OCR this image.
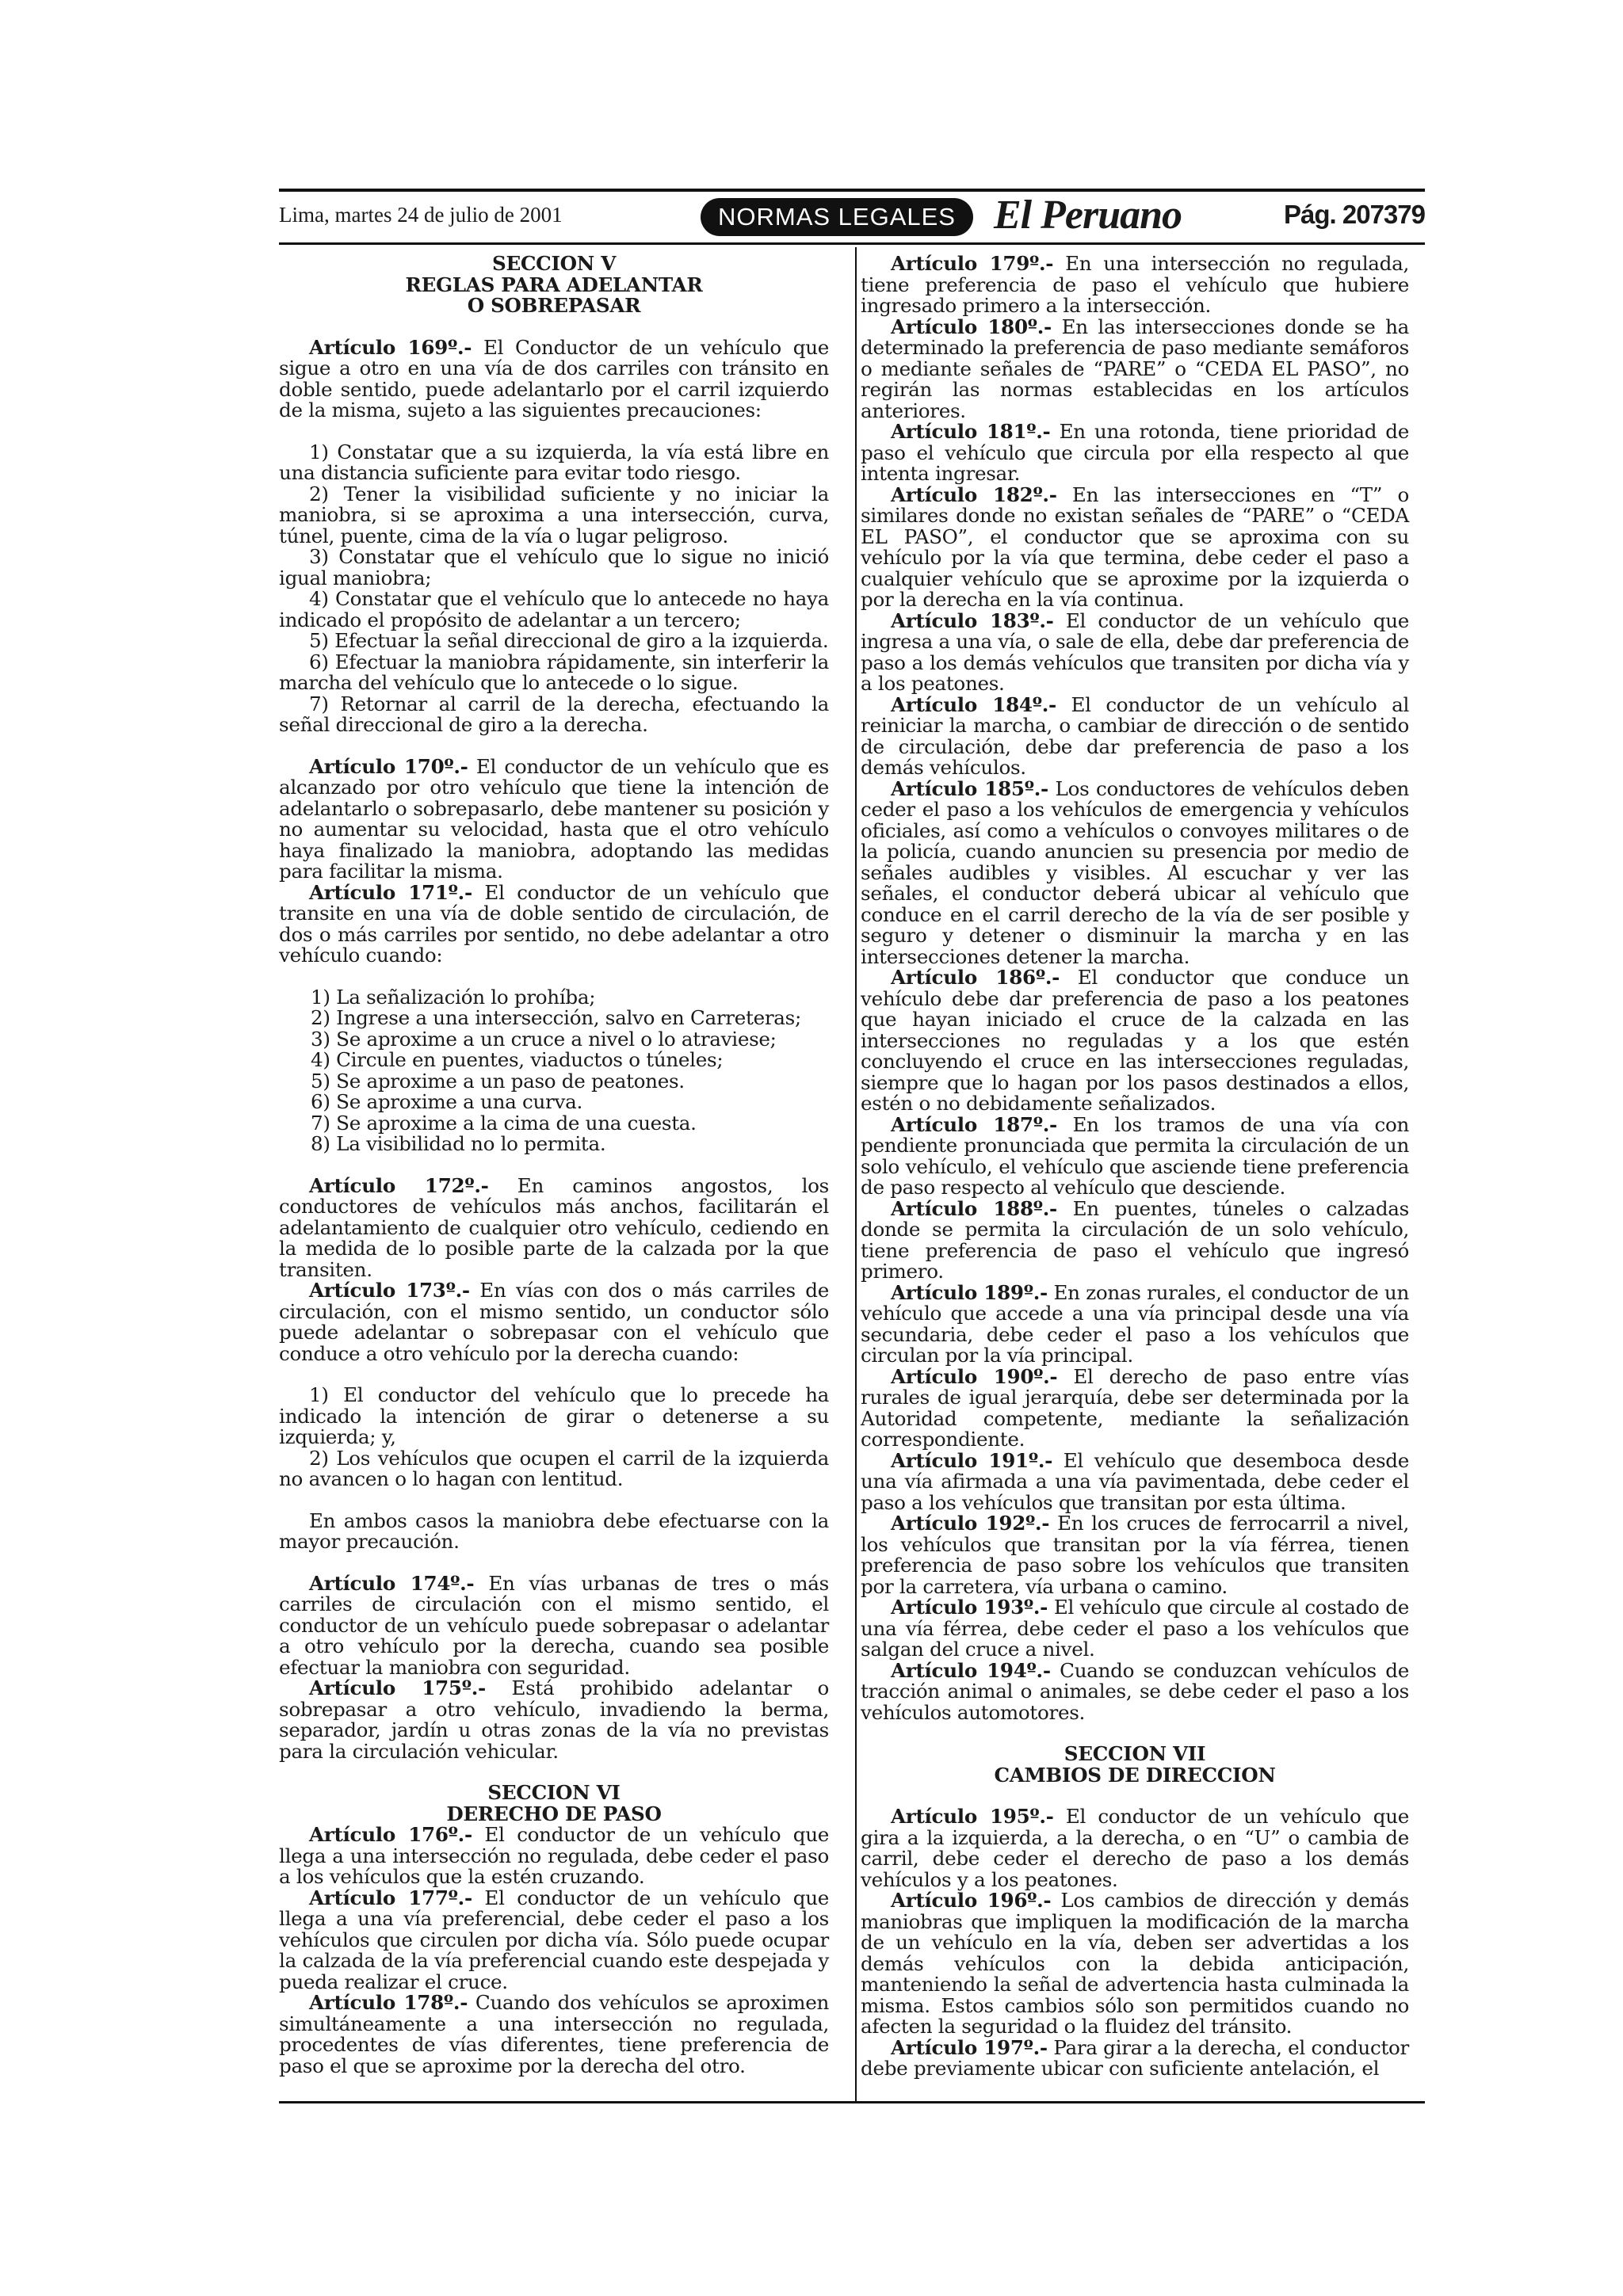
Lima, martes 24 de julio de 2001	NORMAS LEGALES El Peruano	Pág. 207379

SECCION V

REGLAS PARA ADELANTAR

O SOBREPASAR

Artículo 169º.- El Conductor de un vehículo que sigue a otro en una vía de dos carriles con tránsito en doble sentido, puede adelantarlo por el carril izquierdo de la misma, sujeto a las siguientes precauciones:

1) Constatar que a su izquierda, la vía está libre en una distancia suficiente para evitar todo riesgo.

2) Tener la visibilidad suficiente y no iniciar la maniobra, si se aproxima a una intersección, curva, túnel, puente, cima de la vía o lugar peligroso.

3) Constatar que el vehículo que lo sigue no inició igual maniobra;

4) Constatar que el vehículo que lo antecede no haya indicado el propósito de adelantar a un tercero;

5) Efectuar la señal direccional de giro a la izquierda.

6) Efectuar la maniobra rápidamente, sin interferir la marcha del vehículo que lo antecede o lo sigue.

7) Retornar al carril de la derecha, efectuando la señal direccional de giro a la derecha.

Artículo 170º.- El conductor de un vehículo que es alcanzado por otro vehículo que tiene la intención de adelantarlo o sobrepasarlo, debe mantener su posición y no aumentar su velocidad, hasta que el otro vehículo haya finalizado la maniobra, adoptando las medidas para facilitar la misma.

Artículo 171º.- El conductor de un vehículo que transite en una vía de doble sentido de circulación, de dos o más carriles por sentido, no debe adelantar a otro vehículo cuando:

1) La señalización lo prohíba;

2) Ingrese a una intersección, salvo en Carreteras;

3) Se aproxime a un cruce a nivel o lo atraviese;

4) Circule en puentes, viaductos o túneles;

5) Se aproxime a un paso de peatones.

6) Se aproxime a una curva.

7) Se aproxime a la cima de una cuesta.

8) La visibilidad no lo permita.

Artículo 172º.- En caminos angostos, los conductores de vehículos más anchos, facilitarán el adelantamiento de cualquier otro vehículo, cediendo en la medida de lo posible parte de la calzada por la que transiten.

Artículo 173º.- En vías con dos o más carriles de circulación, con el mismo sentido, un conductor sólo puede adelantar o sobrepasar con el vehículo que conduce a otro vehículo por la derecha cuando:

1) El conductor del vehículo que lo precede ha indicado la intención de girar o detenerse a su izquierda; y,

2) Los vehículos que ocupen el carril de la izquierda no avancen o lo hagan con lentitud.

En ambos casos la maniobra debe efectuarse con la mayor precaución.

Artículo 174º.- En vías urbanas de tres o más carriles de circulación con el mismo sentido, el conductor de un vehículo puede sobrepasar o adelantar a otro vehículo por la derecha, cuando sea posible efectuar la maniobra con seguridad.

Artículo 175º.- Está prohibido adelantar o sobrepasar a otro vehículo, invadiendo la berma, separador, jardín u otras zonas de la vía no previstas para la circulación vehicular.

SECCION VI

DERECHO DE PASO

Artículo 176º.- El conductor de un vehículo que llega a una intersección no regulada, debe ceder el paso a los vehículos que la estén cruzando.

Artículo 177º.- El conductor de un vehículo que llega a una vía preferencial, debe ceder el paso a los vehículos que circulen por dicha vía. Sólo puede ocupar la calzada de la vía preferencial cuando este despejada y pueda realizar el cruce.

Artículo 178º.- Cuando dos vehículos se aproximen simultáneamente a una intersección no regulada, procedentes de vías diferentes, tiene preferencia de paso el que se aproxime por la derecha del otro.

Artículo 179º.- En una intersección no regulada, tiene preferencia de paso el vehículo que hubiere ingresado primero a la intersección.

Artículo 180º.- En las intersecciones donde se ha determinado la preferencia de paso mediante semáforos o mediante señales de “PARE” o “CEDA EL PASO”, no regirán las normas establecidas en los artículos anteriores.

Artículo 181º.- En una rotonda, tiene prioridad de paso el vehículo que circula por ella respecto al que intenta ingresar.

Artículo 182º.- En las intersecciones en “T” o similares donde no existan señales de “PARE” o “CEDA EL PASO”, el conductor que se aproxima con su vehículo por la vía que termina, debe ceder el paso a cualquier vehículo que se aproxime por la izquierda o por la derecha en la vía continua.

Artículo 183º.- El conductor de un vehículo que ingresa a una vía, o sale de ella, debe dar preferencia de paso a los demás vehículos que transiten por dicha vía y a los peatones.

Artículo 184º.- El conductor de un vehículo al reiniciar la marcha, o cambiar de dirección o de sentido de circulación, debe dar preferencia de paso a los demás vehículos.

Artículo 185º.- Los conductores de vehículos deben ceder el paso a los vehículos de emergencia y vehículos oficiales, así como a vehículos o convoyes militares o de la policía, cuando anuncien su presencia por medio de señales audibles y visibles. Al escuchar y ver las señales, el conductor deberá ubicar al vehículo que conduce en el carril derecho de la vía de ser posible y seguro y detener o disminuir la marcha y en las intersecciones detener la marcha.

Artículo 186º.- El conductor que conduce un vehículo debe dar preferencia de paso a los peatones que hayan iniciado el cruce de la calzada en las intersecciones no reguladas y a los que estén concluyendo el cruce en las intersecciones reguladas, siempre que lo hagan por los pasos destinados a ellos, estén o no debidamente señalizados.

Artículo 187º.- En los tramos de una vía con pendiente pronunciada que permita la circulación de un solo vehículo, el vehículo que asciende tiene preferencia de paso respecto al vehículo que desciende.

Artículo 188º.- En puentes, túneles o calzadas donde se permita la circulación de un solo vehículo, tiene preferencia de paso el vehículo que ingresó primero.

Artículo 189º.- En zonas rurales, el conductor de un vehículo que accede a una vía principal desde una vía secundaria, debe ceder el paso a los vehículos que circulan por la vía principal.

Artículo 190º.- El derecho de paso entre vías rurales de igual jerarquía, debe ser determinada por la Autoridad competente, mediante la señalización correspondiente.

Artículo 191º.- El vehículo que desemboca desde una vía afirmada a una vía pavimentada, debe ceder el paso a los vehículos que transitan por esta última.

Artículo 192º.- En los cruces de ferrocarril a nivel, los vehículos que transitan por la vía férrea, tienen preferencia de paso sobre los vehículos que transiten por la carretera, vía urbana o camino.

Artículo 193º.- El vehículo que circule al costado de una vía férrea, debe ceder el paso a los vehículos que salgan del cruce a nivel.

Artículo 194º.- Cuando se conduzcan vehículos de tracción animal o animales, se debe ceder el paso a los vehículos automotores.

SECCION VII

CAMBIOS DE DIRECCION

Artículo 195º.- El conductor de un vehículo que gira a la izquierda, a la derecha, o en “U” o cambia de carril, debe ceder el derecho de paso a los demás vehículos y a los peatones.

Artículo 196º.- Los cambios de dirección y demás maniobras que impliquen la modificación de la marcha de un vehículo en la vía, deben ser advertidas a los demás vehículos con la debida anticipación, manteniendo la señal de advertencia hasta culminada la misma. Estos cambios sólo son permitidos cuando no afecten la seguridad o la fluidez del tránsito.

Artículo 197º.- Para girar a la derecha, el conductor debe previamente ubicar con suficiente antelación, el
